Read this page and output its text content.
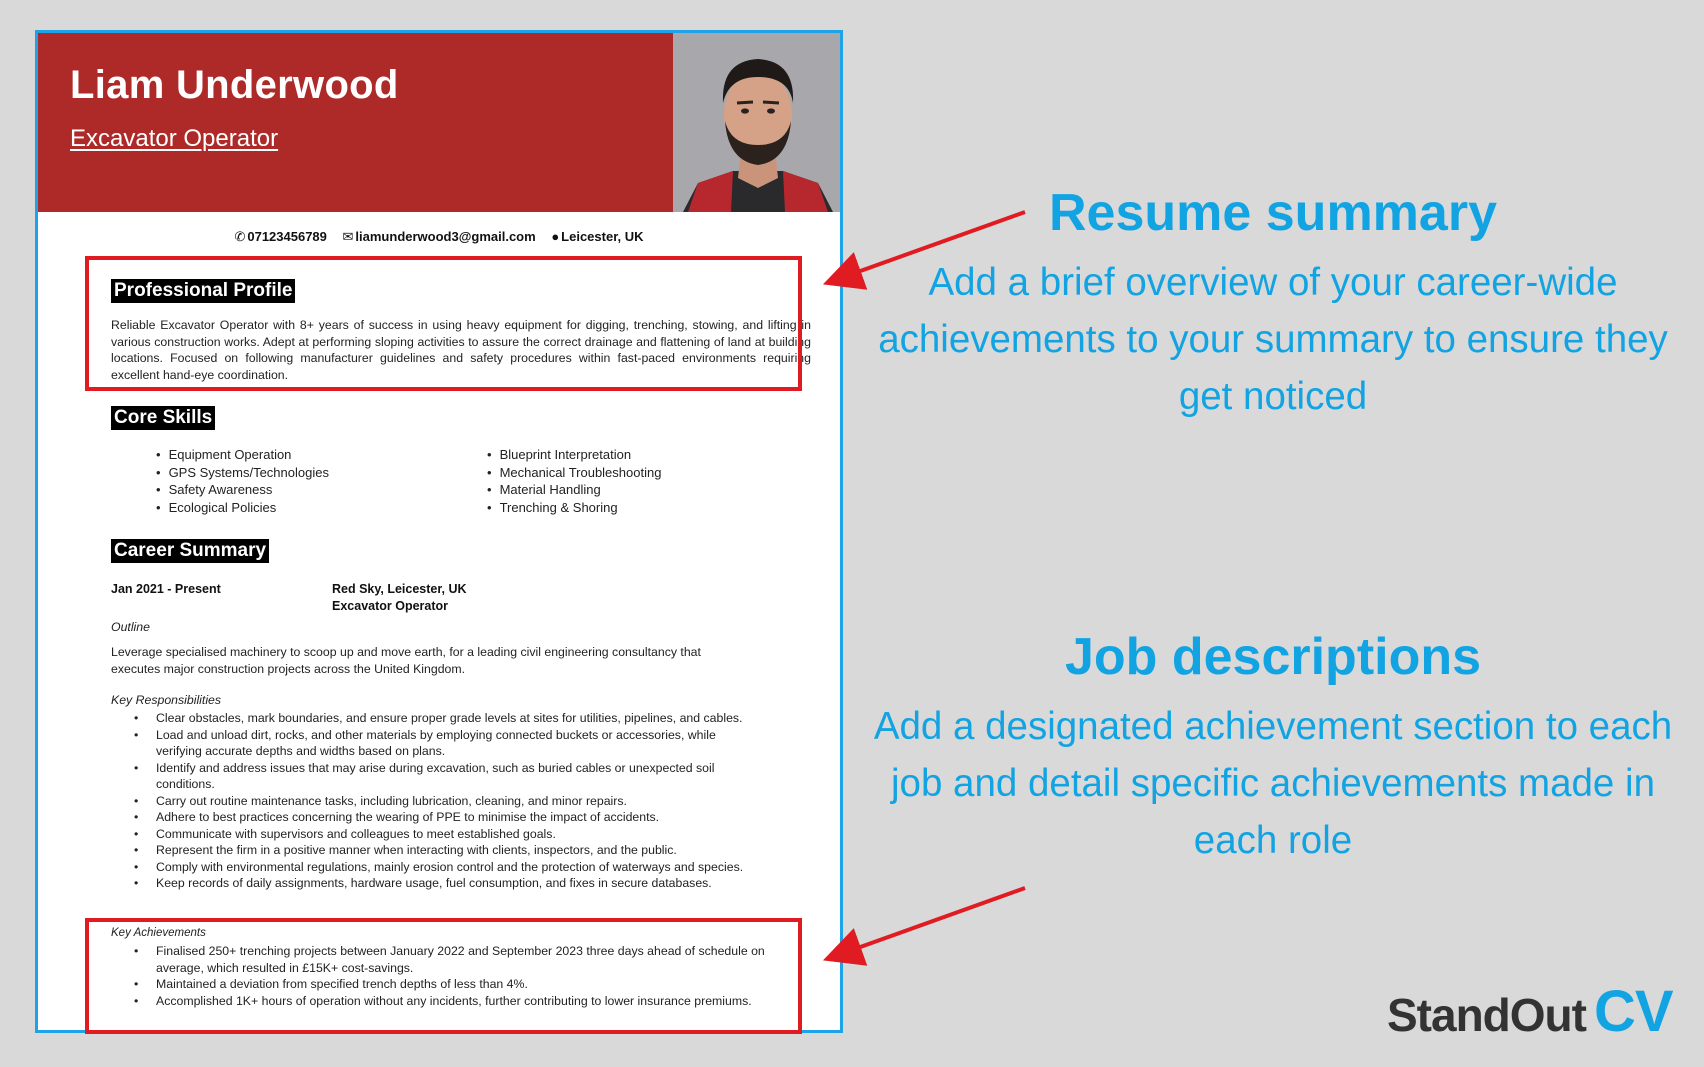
Liam Underwood
Excavator Operator
✆ 07123456789 ✉ liamunderwood3@gmail.com ● Leicester, UK
Professional Profile
Reliable Excavator Operator with 8+ years of success in using heavy equipment for digging, trenching, stowing, and lifting in various construction works. Adept at performing sloping activities to assure the correct drainage and flattening of land at building locations. Focused on following manufacturer guidelines and safety procedures within fast-paced environments requiring excellent hand-eye coordination.
Core Skills
• Equipment Operation
• GPS Systems/Technologies
• Safety Awareness
• Ecological Policies
• Blueprint Interpretation
• Mechanical Troubleshooting
• Material Handling
• Trenching & Shoring
Career Summary
Jan 2021 - Present	Red Sky, Leicester, UK
Excavator Operator
Outline
Leverage specialised machinery to scoop up and move earth, for a leading civil engineering consultancy that executes major construction projects across the United Kingdom.
Key Responsibilities
• Clear obstacles, mark boundaries, and ensure proper grade levels at sites for utilities, pipelines, and cables.
• Load and unload dirt, rocks, and other materials by employing connected buckets or accessories, while verifying accurate depths and widths based on plans.
• Identify and address issues that may arise during excavation, such as buried cables or unexpected soil conditions.
• Carry out routine maintenance tasks, including lubrication, cleaning, and minor repairs.
• Adhere to best practices concerning the wearing of PPE to minimise the impact of accidents.
• Communicate with supervisors and colleagues to meet established goals.
• Represent the firm in a positive manner when interacting with clients, inspectors, and the public.
• Comply with environmental regulations, mainly erosion control and the protection of waterways and species.
• Keep records of daily assignments, hardware usage, fuel consumption, and fixes in secure databases.
Key Achievements
• Finalised 250+ trenching projects between January 2022 and September 2023 three days ahead of schedule on average, which resulted in £15K+ cost-savings.
• Maintained a deviation from specified trench depths of less than 4%.
• Accomplished 1K+ hours of operation without any incidents, further contributing to lower insurance premiums.
Resume summary
Add a brief overview of your career-wide achievements to your summary to ensure they get noticed
Job descriptions
Add a designated achievement section to each job and detail specific achievements made in each role
StandOut CV
